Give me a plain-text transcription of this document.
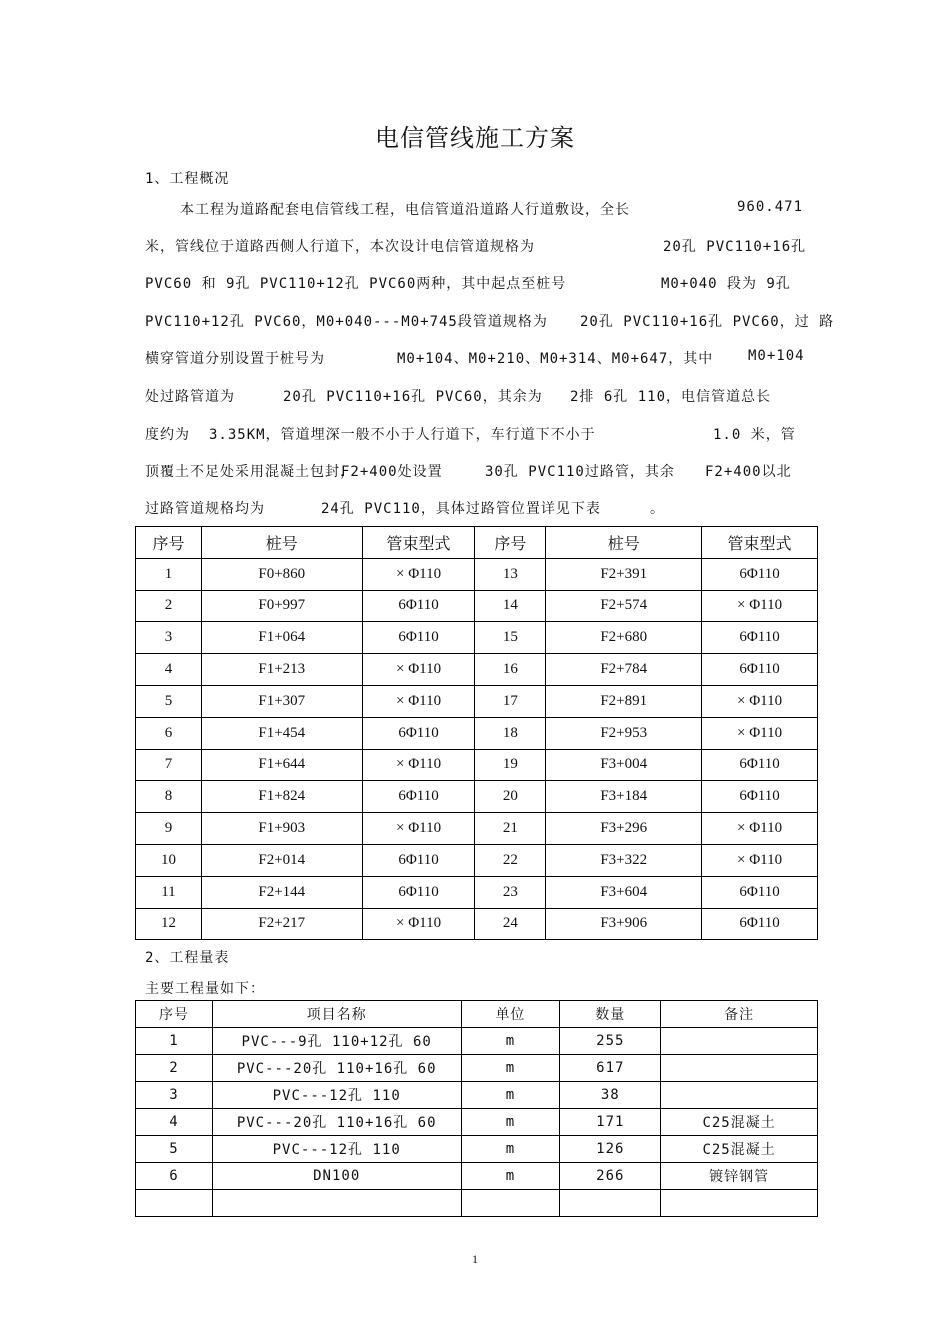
电信管线施工方案
1、工程概况
本工程为道路配套电信管线工程，电信管道沿道路人行道敷设，全长	960.471
米，管线位于道路西侧人行道下，本次设计电信管道规格为	20孔 PVC110+16孔
PVC60 和 9孔 PVC110+12孔 PVC60两种，其中起点至桩号	M0+040 段为 9孔
PVC110+12孔 PVC60，M0+040---M0+745段管道规格为 20孔 PVC110+16孔 PVC60，过 路
横穿管道分别设置于桩号为	M0+104、M0+210、M0+314、M0+647，其中 M0+104
处过路管道为	20孔 PVC110+16孔 PVC60，其余为 2排 6孔 110，电信管道总长
度约为 3.35KM，管道埋深一般不小于人行道下，车行道下不小于	1.0 米，管
顶覆土不足处采用混凝土包封，
F2+400处设置	30孔 PVC110过路管，其余 F2+400以北
过路管道规格均为	24孔 PVC110，具体过路管位置详见下表	。
序号	桩号	管束型式	序号	桩号	管束型式
1	F0+860	× Φ110	13	F2+391	6Φ110
2	F0+997	6Φ110	14	F2+574	× Φ110
3	F1+064	6Φ110	15	F2+680	6Φ110
4	F1+213	× Φ110	16	F2+784	6Φ110
5	F1+307	× Φ110	17	F2+891	× Φ110
6	F1+454	6Φ110	18	F2+953	× Φ110
7	F1+644	× Φ110	19	F3+004	6Φ110
8	F1+824	6Φ110	20	F3+184	6Φ110
9	F1+903	× Φ110	21	F3+296	× Φ110
10	F2+014	6Φ110	22	F3+322	× Φ110
11	F2+144	6Φ110	23	F3+604	6Φ110
12	F2+217	× Φ110	24	F3+906	6Φ110
2、工程量表
主要工程量如下：
序号	项目名称	单位	数量	备注
1	PVC---9孔 110+12孔 60	m	255	
2	PVC---20孔 110+16孔 60	m	617	
3	PVC---12孔 110	m	38	
4	PVC---20孔 110+16孔 60	m	171	C25混凝土
5	PVC---12孔 110	m	126	C25混凝土
6	DN100	m	266	镀锌钢管

1
